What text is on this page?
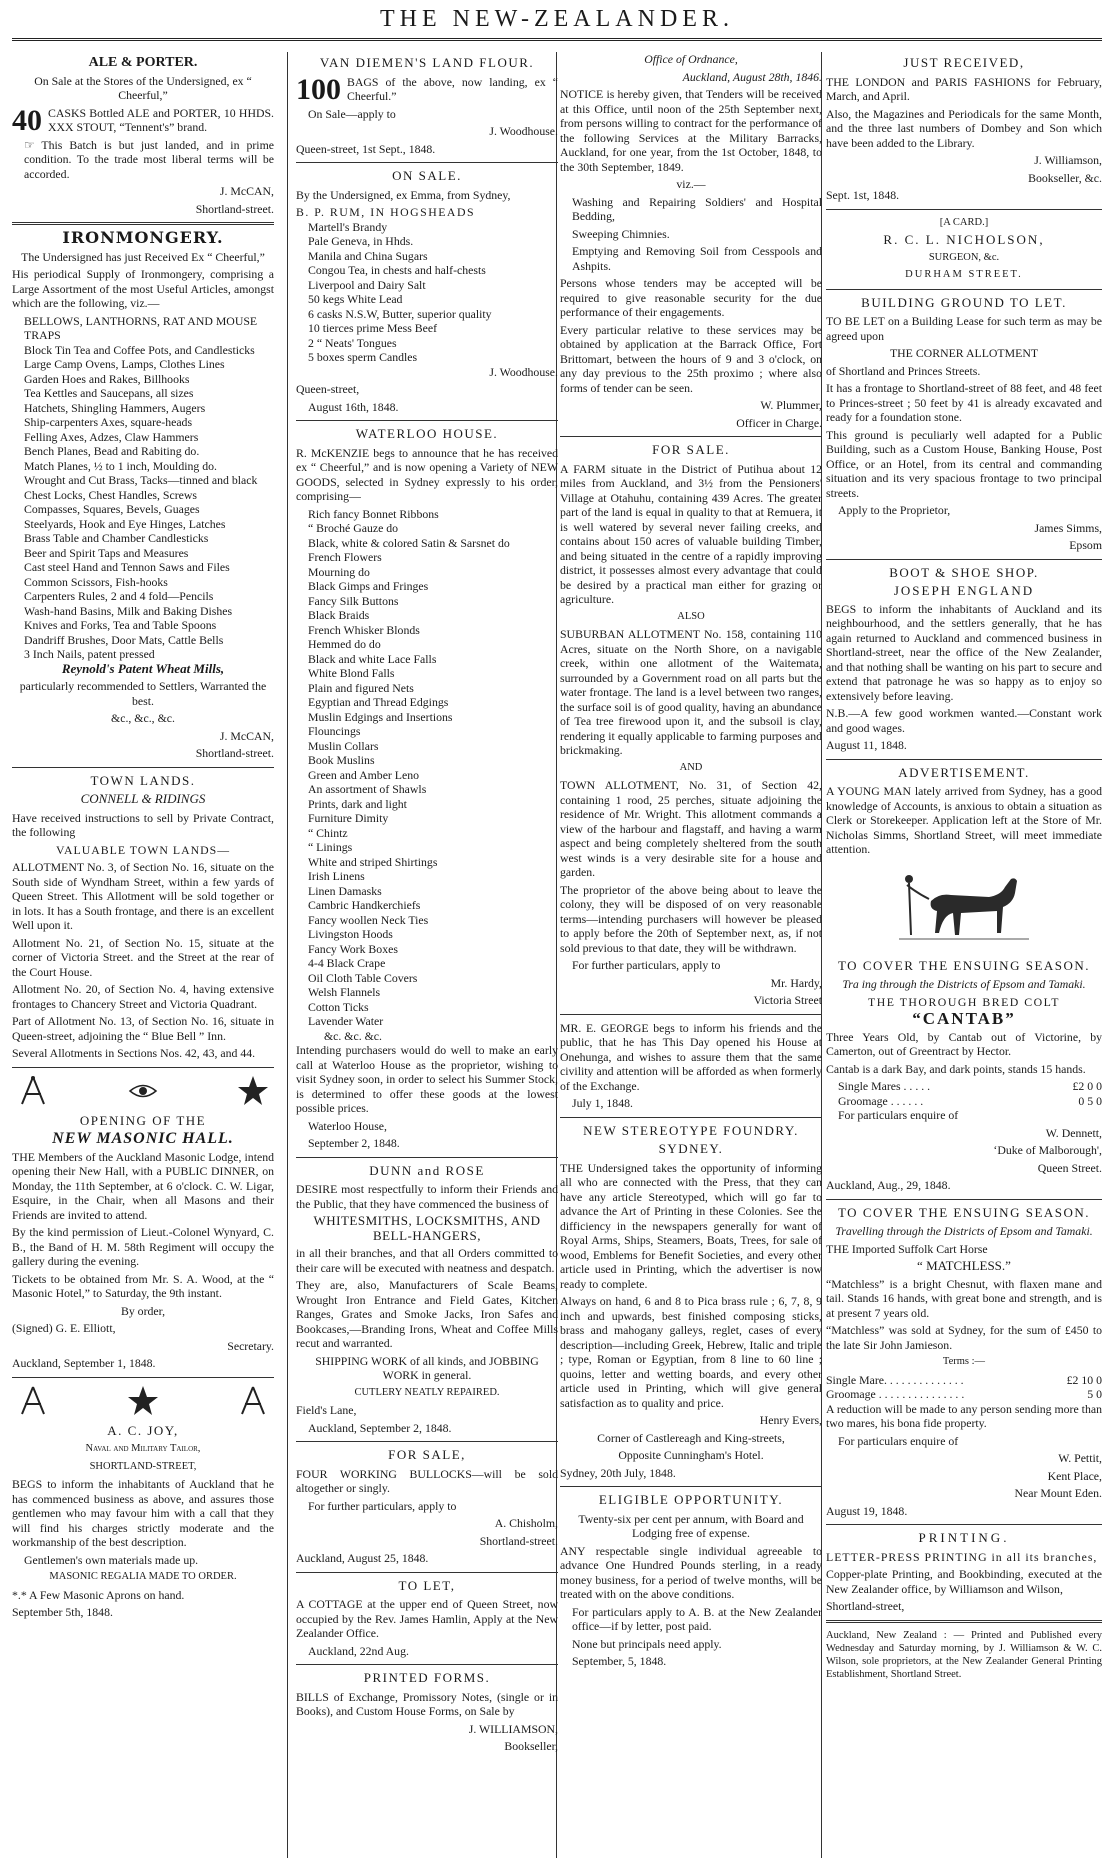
THE NEW-ZEALANDER.
ALE & PORTER.

On Sale at the Stores of the Undersigned, ex “ Cheerful,”

40 CASKS Bottled ALE and PORTER, 10 HHDS. XXX STOUT, “Tennent's” brand.

☞ This Batch is but just landed, and in prime condition. To the trade most liberal terms will be accorded.

J. McCAN,

Shortland-street.

IRONMONGERY.

The Undersigned has just Received Ex “ Cheerful,”

His periodical Supply of Ironmongery, comprising a Large Assortment of the most Useful Articles, amongst which are the following, viz.—

BELLOWS, LANTHORNS, RAT AND MOUSE TRAPS

Block Tin Tea and Coffee Pots, and Candlesticks

Large Camp Ovens, Lamps, Clothes Lines

Garden Hoes and Rakes, Billhooks

Tea Kettles and Saucepans, all sizes

Hatchets, Shingling Hammers, Augers

Ship-carpenters Axes, square-heads

Felling Axes, Adzes, Claw Hammers

Bench Planes, Bead and Rabiting do.

Match Planes, ½ to 1 inch, Moulding do.

Wrought and Cut Brass, Tacks—tinned and black

Chest Locks, Chest Handles, Screws

Compasses, Squares, Bevels, Guages

Steelyards, Hook and Eye Hinges, Latches

Brass Table and Chamber Candlesticks

Beer and Spirit Taps and Measures

Cast steel Hand and Tennon Saws and Files

Common Scissors, Fish-hooks

Carpenters Rules, 2 and 4 fold—Pencils

Wash-hand Basins, Milk and Baking Dishes

Knives and Forks, Tea and Table Spoons

Dandriff Brushes, Door Mats, Cattle Bells

3 Inch Nails, patent pressed

Reynold's Patent Wheat Mills,

particularly recommended to Settlers, Warranted the best.

&c., &c., &c.

J. McCAN,

Shortland-street.

TOWN LANDS.
CONNELL & RIDINGS

Have received instructions to sell by Private Contract, the following

VALUABLE TOWN LANDS—

ALLOTMENT No. 3, of Section No. 16, situate on the South side of Wyndham Street, within a few yards of Queen Street. This Allotment will be sold together or in lots. It has a South frontage, and there is an excellent Well upon it.

Allotment No. 21, of Section No. 15, situate at the corner of Victoria Street. and the Street at the rear of the Court House.

Allotment No. 20, of Section No. 4, having extensive frontages to Chancery Street and Victoria Quadrant.

Part of Allotment No. 13, of Section No. 16, situate in Queen-street, adjoining the “ Blue Bell ” Inn.

Several Allotments in Sections Nos. 42, 43, and 44.

OPENING OF THE
NEW MASONIC HALL.

THE Members of the Auckland Masonic Lodge, intend opening their New Hall, with a PUBLIC DINNER, on Monday, the 11th September, at 6 o'clock. C. W. Ligar, Esquire, in the Chair, when all Masons and their Friends are invited to attend.

By the kind permission of Lieut.-Colonel Wynyard, C. B., the Band of H. M. 58th Regiment will occupy the gallery during the evening.

Tickets to be obtained from Mr. S. A. Wood, at the “ Masonic Hotel,” to Saturday, the 9th instant.

By order,

(Signed) G. E. Elliott,

Secretary.

Auckland, September 1, 1848.

A. C. JOY,

Naval and Military Tailor,

SHORTLAND-STREET,

BEGS to inform the inhabitants of Auckland that he has commenced business as above, and assures those gentlemen who may favour him with a call that they will find his charges strictly moderate and the workmanship of the best description.

Gentlemen's own materials made up.

MASONIC REGALIA MADE TO ORDER.

*.* A Few Masonic Aprons on hand.

September 5th, 1848.

VAN DIEMEN'S LAND FLOUR.

100 BAGS of the above, now landing, ex “ Cheerful.”

On Sale—apply to

J. Woodhouse.

Queen-street, 1st Sept., 1848.

ON SALE.

By the Undersigned, ex Emma, from Sydney,

B. P. RUM, IN HOGSHEADS

Martell's Brandy

Pale Geneva, in Hhds.

Manila and China Sugars

Congou Tea, in chests and half-chests

Liverpool and Dairy Salt

50 kegs White Lead

6 casks N.S.W, Butter, superior quality

10 tierces prime Mess Beef

2 “ Neats' Tongues

5 boxes sperm Candles

J. Woodhouse.

Queen-street,

August 16th, 1848.

WATERLOO HOUSE.

R. McKENZIE begs to announce that he has received ex “ Cheerful,” and is now opening a Variety of NEW GOODS, selected in Sydney expressly to his order, comprising—

Rich fancy Bonnet Ribbons

“ Broché Gauze do

Black, white & colored Satin & Sarsnet do

French Flowers

Mourning do

Black Gimps and Fringes

Fancy Silk Buttons

Black Braids

French Whisker Blonds

Hemmed do do

Black and white Lace Falls

White Blond Falls

Plain and figured Nets

Egyptian and Thread Edgings

Muslin Edgings and Insertions

Flouncings

Muslin Collars

Book Muslins

Green and Amber Leno

An assortment of Shawls

Prints, dark and light

Furniture Dimity

“ Chintz

“ Linings

White and striped Shirtings

Irish Linens

Linen Damasks

Cambric Handkerchiefs

Fancy woollen Neck Ties

Livingston Hoods

Fancy Work Boxes

4-4 Black Crape

Oil Cloth Table Covers

Welsh Flannels

Cotton Ticks

Lavender Water

&c. &c. &c.

Intending purchasers would do well to make an early call at Waterloo House as the proprietor, wishing to visit Sydney soon, in order to select his Summer Stock, is determined to offer these goods at the lowest possible prices.

Waterloo House,

September 2, 1848.

DUNN and ROSE

DESIRE most respectfully to inform their Friends and the Public, that they have commenced the business of

WHITESMITHS, LOCKSMITHS, AND BELL-HANGERS,

in all their branches, and that all Orders committed to their care will be executed with neatness and despatch.

They are, also, Manufacturers of Scale Beams, Wrought Iron Entrance and Field Gates, Kitchen Ranges, Grates and Smoke Jacks, Iron Safes and Bookcases,—Branding Irons, Wheat and Coffee Mills recut and warranted.

SHIPPING WORK of all kinds, and JOBBING WORK in general.

CUTLERY NEATLY REPAIRED.

Field's Lane,

Auckland, September 2, 1848.

FOR SALE,

FOUR WORKING BULLOCKS—will be sold altogether or singly.

For further particulars, apply to

A. Chisholm,

Shortland-street.

Auckland, August 25, 1848.

TO LET,

A COTTAGE at the upper end of Queen Street, now occupied by the Rev. James Hamlin, Apply at the New Zealander Office.

Auckland, 22nd Aug.

PRINTED FORMS.

BILLS of Exchange, Promissory Notes, (single or in Books), and Custom House Forms, on Sale by

J. WILLIAMSON,

Bookseller,

Office of Ordnance,

Auckland, August 28th, 1846.

NOTICE is hereby given, that Tenders will be received at this Office, until noon of the 25th September next, from persons willing to contract for the performance of the following Services at the Military Barracks, Auckland, for one year, from the 1st October, 1848, to the 30th September, 1849.

viz.—

Washing and Repairing Soldiers' and Hospital Bedding,

Sweeping Chimnies.

Emptying and Removing Soil from Cesspools and Ashpits.

Persons whose tenders may be accepted will be required to give reasonable security for the due performance of their engagements.

Every particular relative to these services may be obtained by application at the Barrack Office, Fort Brittomart, between the hours of 9 and 3 o'clock, on any day previous to the 25th proximo ; where also forms of tender can be seen.

W. Plummer,

Officer in Charge.

FOR SALE.

A FARM situate in the District of Putihua about 12 miles from Auckland, and 3½ from the Pensioners' Village at Otahuhu, containing 439 Acres. The greater part of the land is equal in quality to that at Remuera, it is well watered by several never failing creeks, and contains about 150 acres of valuable building Timber, and being situated in the centre of a rapidly improving district, it possesses almost every advantage that could be desired by a practical man either for grazing or agriculture.

ALSO

SUBURBAN ALLOTMENT No. 158, containing 110 Acres, situate on the North Shore, on a navigable creek, within one allotment of the Waitemata, surrounded by a Government road on all parts but the water frontage. The land is a level between two ranges, the surface soil is of good quality, having an abundance of Tea tree firewood upon it, and the subsoil is clay, rendering it equally applicable to farming purposes and brickmaking.

AND

TOWN ALLOTMENT, No. 31, of Section 42, containing 1 rood, 25 perches, situate adjoining the residence of Mr. Wright. This allotment commands a view of the harbour and flagstaff, and having a warm aspect and being completely sheltered from the south west winds is a very desirable site for a house and garden.

The proprietor of the above being about to leave the colony, they will be disposed of on very reasonable terms—intending purchasers will however be pleased to apply before the 20th of September next, as, if not sold previous to that date, they will be withdrawn.

For further particulars, apply to

Mr. Hardy,

Victoria Street

MR. E. GEORGE begs to inform his friends and the public, that he has This Day opened his House at Onehunga, and wishes to assure them that the same civility and attention will be afforded as when formerly of the Exchange.

July 1, 1848.

NEW STEREOTYPE FOUNDRY.
SYDNEY.

THE Undersigned takes the opportunity of informing all who are connected with the Press, that they can have any article Stereotyped, which will go far to advance the Art of Printing in these Colonies. See the difficiency in the newspapers generally for want of Royal Arms, Ships, Steamers, Boats, Trees, for sale of wood, Emblems for Benefit Societies, and every other article used in Printing, which the advertiser is now ready to complete.

Always on hand, 6 and 8 to Pica brass rule ; 6, 7, 8, 9 inch and upwards, best finished composing sticks, brass and mahogany galleys, reglet, cases of every description—including Greek, Hebrew, Italic and triple ; type, Roman or Egyptian, from 8 line to 60 line ; quoins, letter and wetting boards, and every other article used in Printing, which will give general satisfaction as to quality and price.

Henry Evers,

Corner of Castlereagh and King-streets,

Opposite Cunningham's Hotel.

Sydney, 20th July, 1848.

ELIGIBLE OPPORTUNITY.

Twenty-six per cent per annum, with Board and Lodging free of expense.

ANY respectable single individual agreeable to advance One Hundred Pounds sterling, in a ready money business, for a period of twelve months, will be treated with on the above conditions.

For particulars apply to A. B. at the New Zealander office—if by letter, post paid.

None but principals need apply.

September, 5, 1848.

JUST RECEIVED,

THE LONDON and PARIS FASHIONS for February, March, and April.

Also, the Magazines and Periodicals for the same Month, and the three last numbers of Dombey and Son which have been added to the Library.

J. Williamson,

Bookseller, &c.

Sept. 1st, 1848.

[A CARD.]

R. C. L. NICHOLSON,

SURGEON, &c.

DURHAM STREET.

BUILDING GROUND TO LET.

TO BE LET on a Building Lease for such term as may be agreed upon

THE CORNER ALLOTMENT

of Shortland and Princes Streets.

It has a frontage to Shortland-street of 88 feet, and 48 feet to Princes-street ; 50 feet by 41 is already excavated and ready for a foundation stone.

This ground is peculiarly well adapted for a Public Building, such as a Custom House, Banking House, Post Office, or an Hotel, from its central and commanding situation and its very spacious frontage to two principal streets.

Apply to the Proprietor,

James Simms,

Epsom

BOOT & SHOE SHOP.

JOSEPH ENGLAND

BEGS to inform the inhabitants of Auckland and its neighbourhood, and the settlers generally, that he has again returned to Auckland and commenced business in Shortland-street, near the office of the New Zealander, and that nothing shall be wanting on his part to secure and extend that patronage he was so happy as to enjoy so extensively before leaving.

N.B.—A few good workmen wanted.—Constant work and good wages.

August 11, 1848.

ADVERTISEMENT.

A YOUNG MAN lately arrived from Sydney, has a good knowledge of Accounts, is anxious to obtain a situation as Clerk or Storekeeper. Application left at the Store of Mr. Nicholas Simms, Shortland Street, will meet immediate attention.

TO COVER THE ENSUING SEASON.

Tra ing through the Districts of Epsom and Tamaki.

THE THOROUGH BRED COLT

“CANTAB”

Three Years Old, by Cantab out of Victorine, by Camerton, out of Greentract by Hector.

Cantab is a dark Bay, and dark points, stands 15 hands.

Single Mares . . . . .	£2 0 0
Groomage . . . . . .	0 5 0

For particulars enquire of

W. Dennett,

‘Duke of Malborough',

Queen Street.

Auckland, Aug., 29, 1848.

TO COVER THE ENSUING SEASON.

Travelling through the Districts of Epsom and Tamaki.

THE Imported Suffolk Cart Horse

“ MATCHLESS.”

“Matchless” is a bright Chesnut, with flaxen mane and tail. Stands 16 hands, with great bone and strength, and is at present 7 years old.

“Matchless” was sold at Sydney, for the sum of £450 to the late Sir John Jamieson.

Terms :—

Single Mare. . . . . . . . . . . . . .	£2 10 0
Groomage . . . . . . . . . . . . . . .	5 0

A reduction will be made to any person sending more than two mares, his bona fide property.

For particulars enquire of

W. Pettit,

Kent Place,

Near Mount Eden.

August 19, 1848.

PRINTING.

LETTER-PRESS PRINTING in all its branches,

Copper-plate Printing, and Bookbinding, executed at the New Zealander office, by Williamson and Wilson,

Shortland-street,

Auckland, New Zealand : — Printed and Published every Wednesday and Saturday morning, by J. Williamson & W. C. Wilson, sole proprietors, at the New Zealander General Printing Establishment, Shortland Street.
